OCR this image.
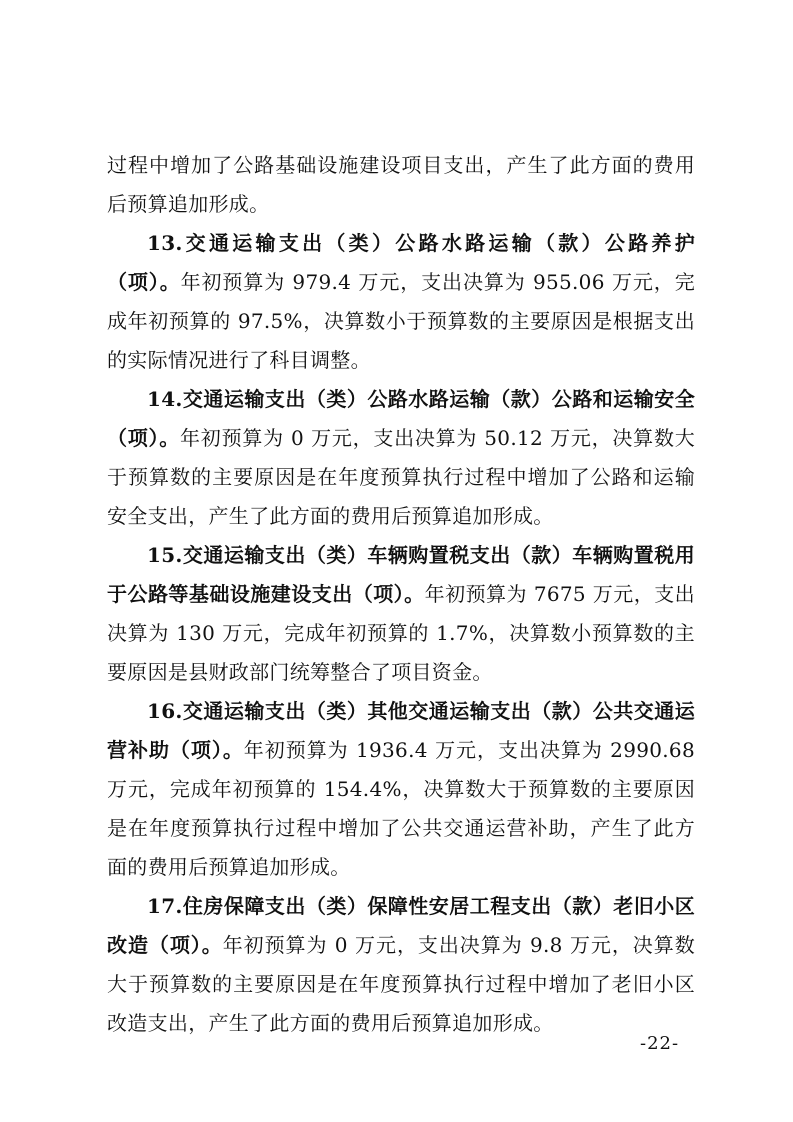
过程中增加了公路基础设施建设项目支出，产生了此方面的费用后预算追加形成。

13.交通运输支出（类）公路水路运输（款）公路养护（项）。年初预算为 979.4 万元，支出决算为 955.06 万元，完成年初预算的 97.5%，决算数小于预算数的主要原因是根据支出的实际情况进行了科目调整。

14.交通运输支出（类）公路水路运输（款）公路和运输安全（项）。年初预算为 0 万元，支出决算为 50.12 万元，决算数大于预算数的主要原因是在年度预算执行过程中增加了公路和运输安全支出，产生了此方面的费用后预算追加形成。

15.交通运输支出（类）车辆购置税支出（款）车辆购置税用于公路等基础设施建设支出（项）。年初预算为 7675 万元，支出决算为 130 万元，完成年初预算的 1.7%，决算数小预算数的主要原因是县财政部门统筹整合了项目资金。

16.交通运输支出（类）其他交通运输支出（款）公共交通运营补助（项）。年初预算为 1936.4 万元，支出决算为 2990.68 万元，完成年初预算的 154.4%，决算数大于预算数的主要原因是在年度预算执行过程中增加了公共交通运营补助，产生了此方面的费用后预算追加形成。

17.住房保障支出（类）保障性安居工程支出（款）老旧小区改造（项）。年初预算为 0 万元，支出决算为 9.8 万元，决算数大于预算数的主要原因是在年度预算执行过程中增加了老旧小区改造支出，产生了此方面的费用后预算追加形成。

-22-
